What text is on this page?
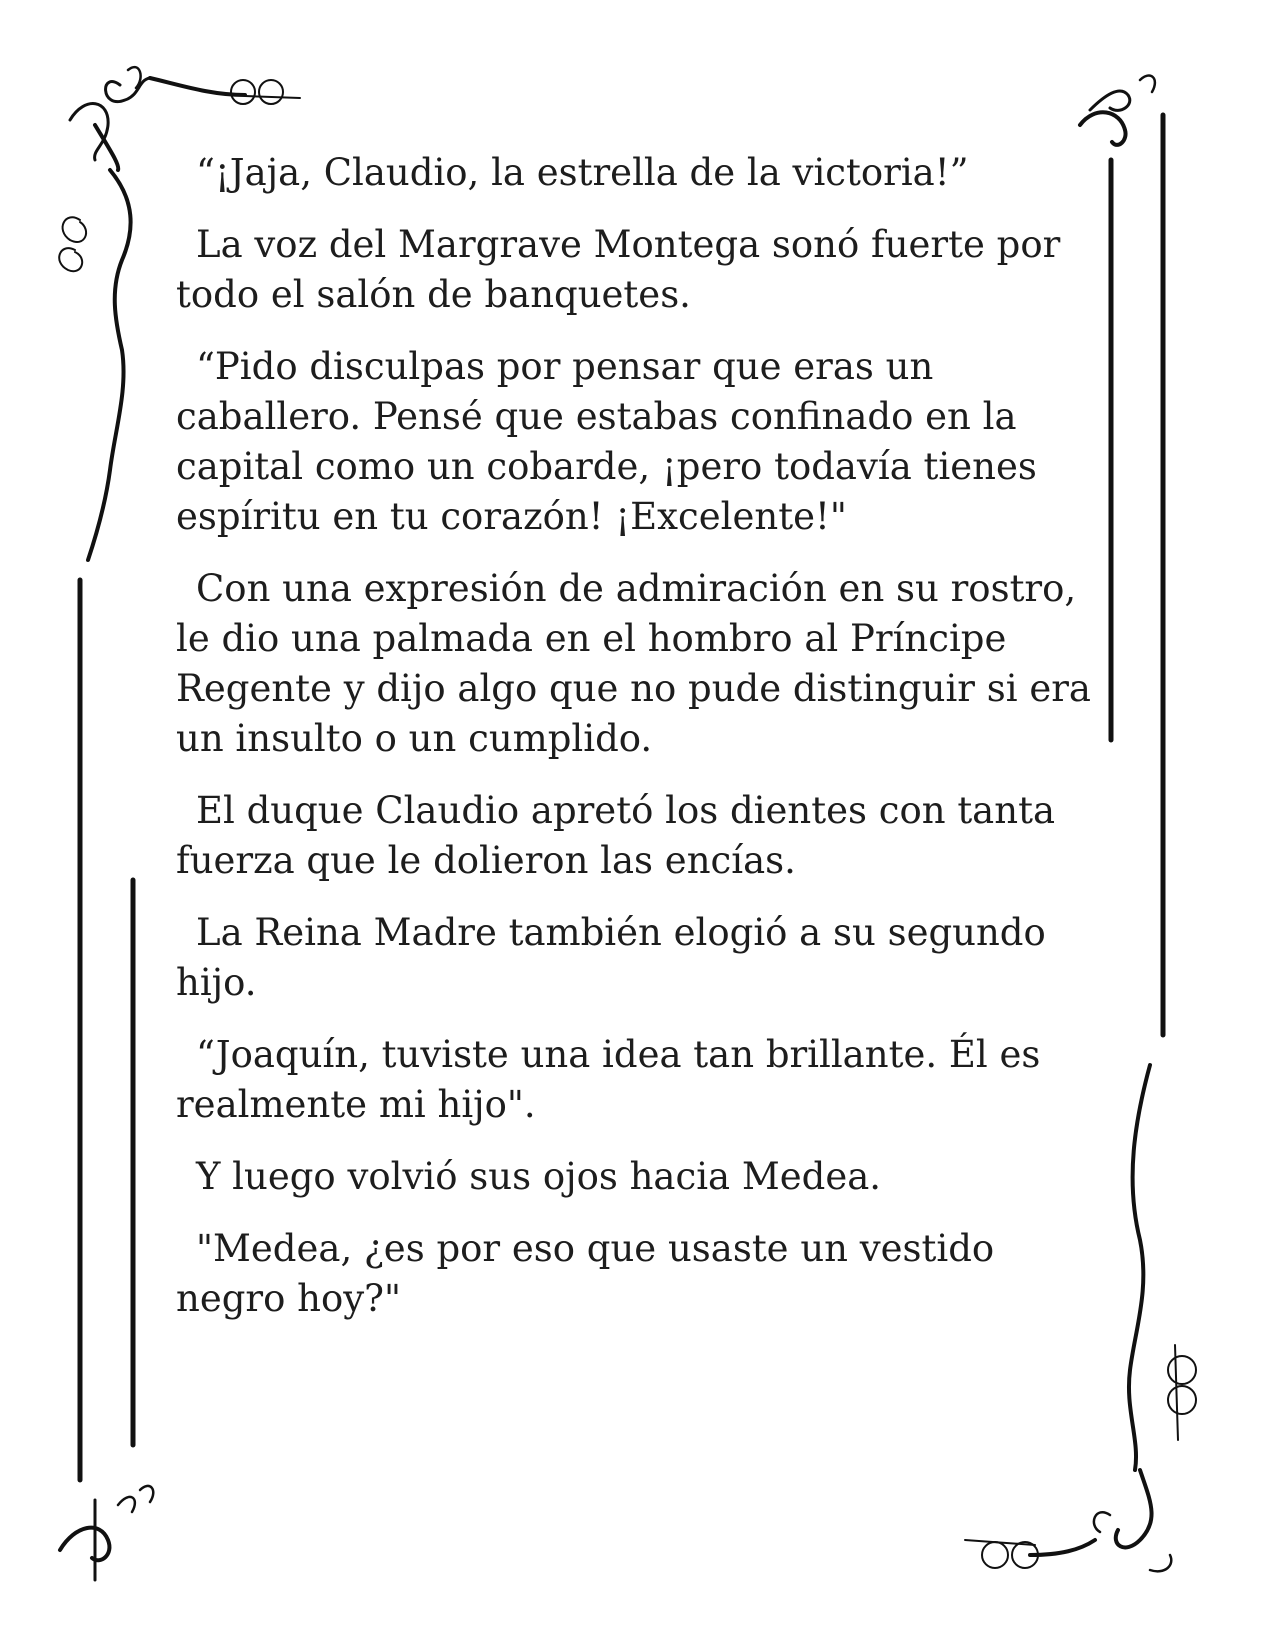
“¡Jaja, Claudio, la estrella de la victoria!”

La voz del Margrave Montega sonó fuerte por todo el salón de banquetes.

“Pido disculpas por pensar que eras un caballero. Pensé que estabas confinado en la capital como un cobarde, ¡pero todavía tienes espíritu en tu corazón! ¡Excelente!"

Con una expresión de admiración en su rostro, le dio una palmada en el hombro al Príncipe Regente y dijo algo que no pude distinguir si era un insulto o un cumplido.

El duque Claudio apretó los dientes con tanta fuerza que le dolieron las encías.

La Reina Madre también elogió a su segundo hijo.

“Joaquín, tuviste una idea tan brillante. Él es realmente mi hijo".

Y luego volvió sus ojos hacia Medea.

"Medea, ¿es por eso que usaste un vestido negro hoy?"
